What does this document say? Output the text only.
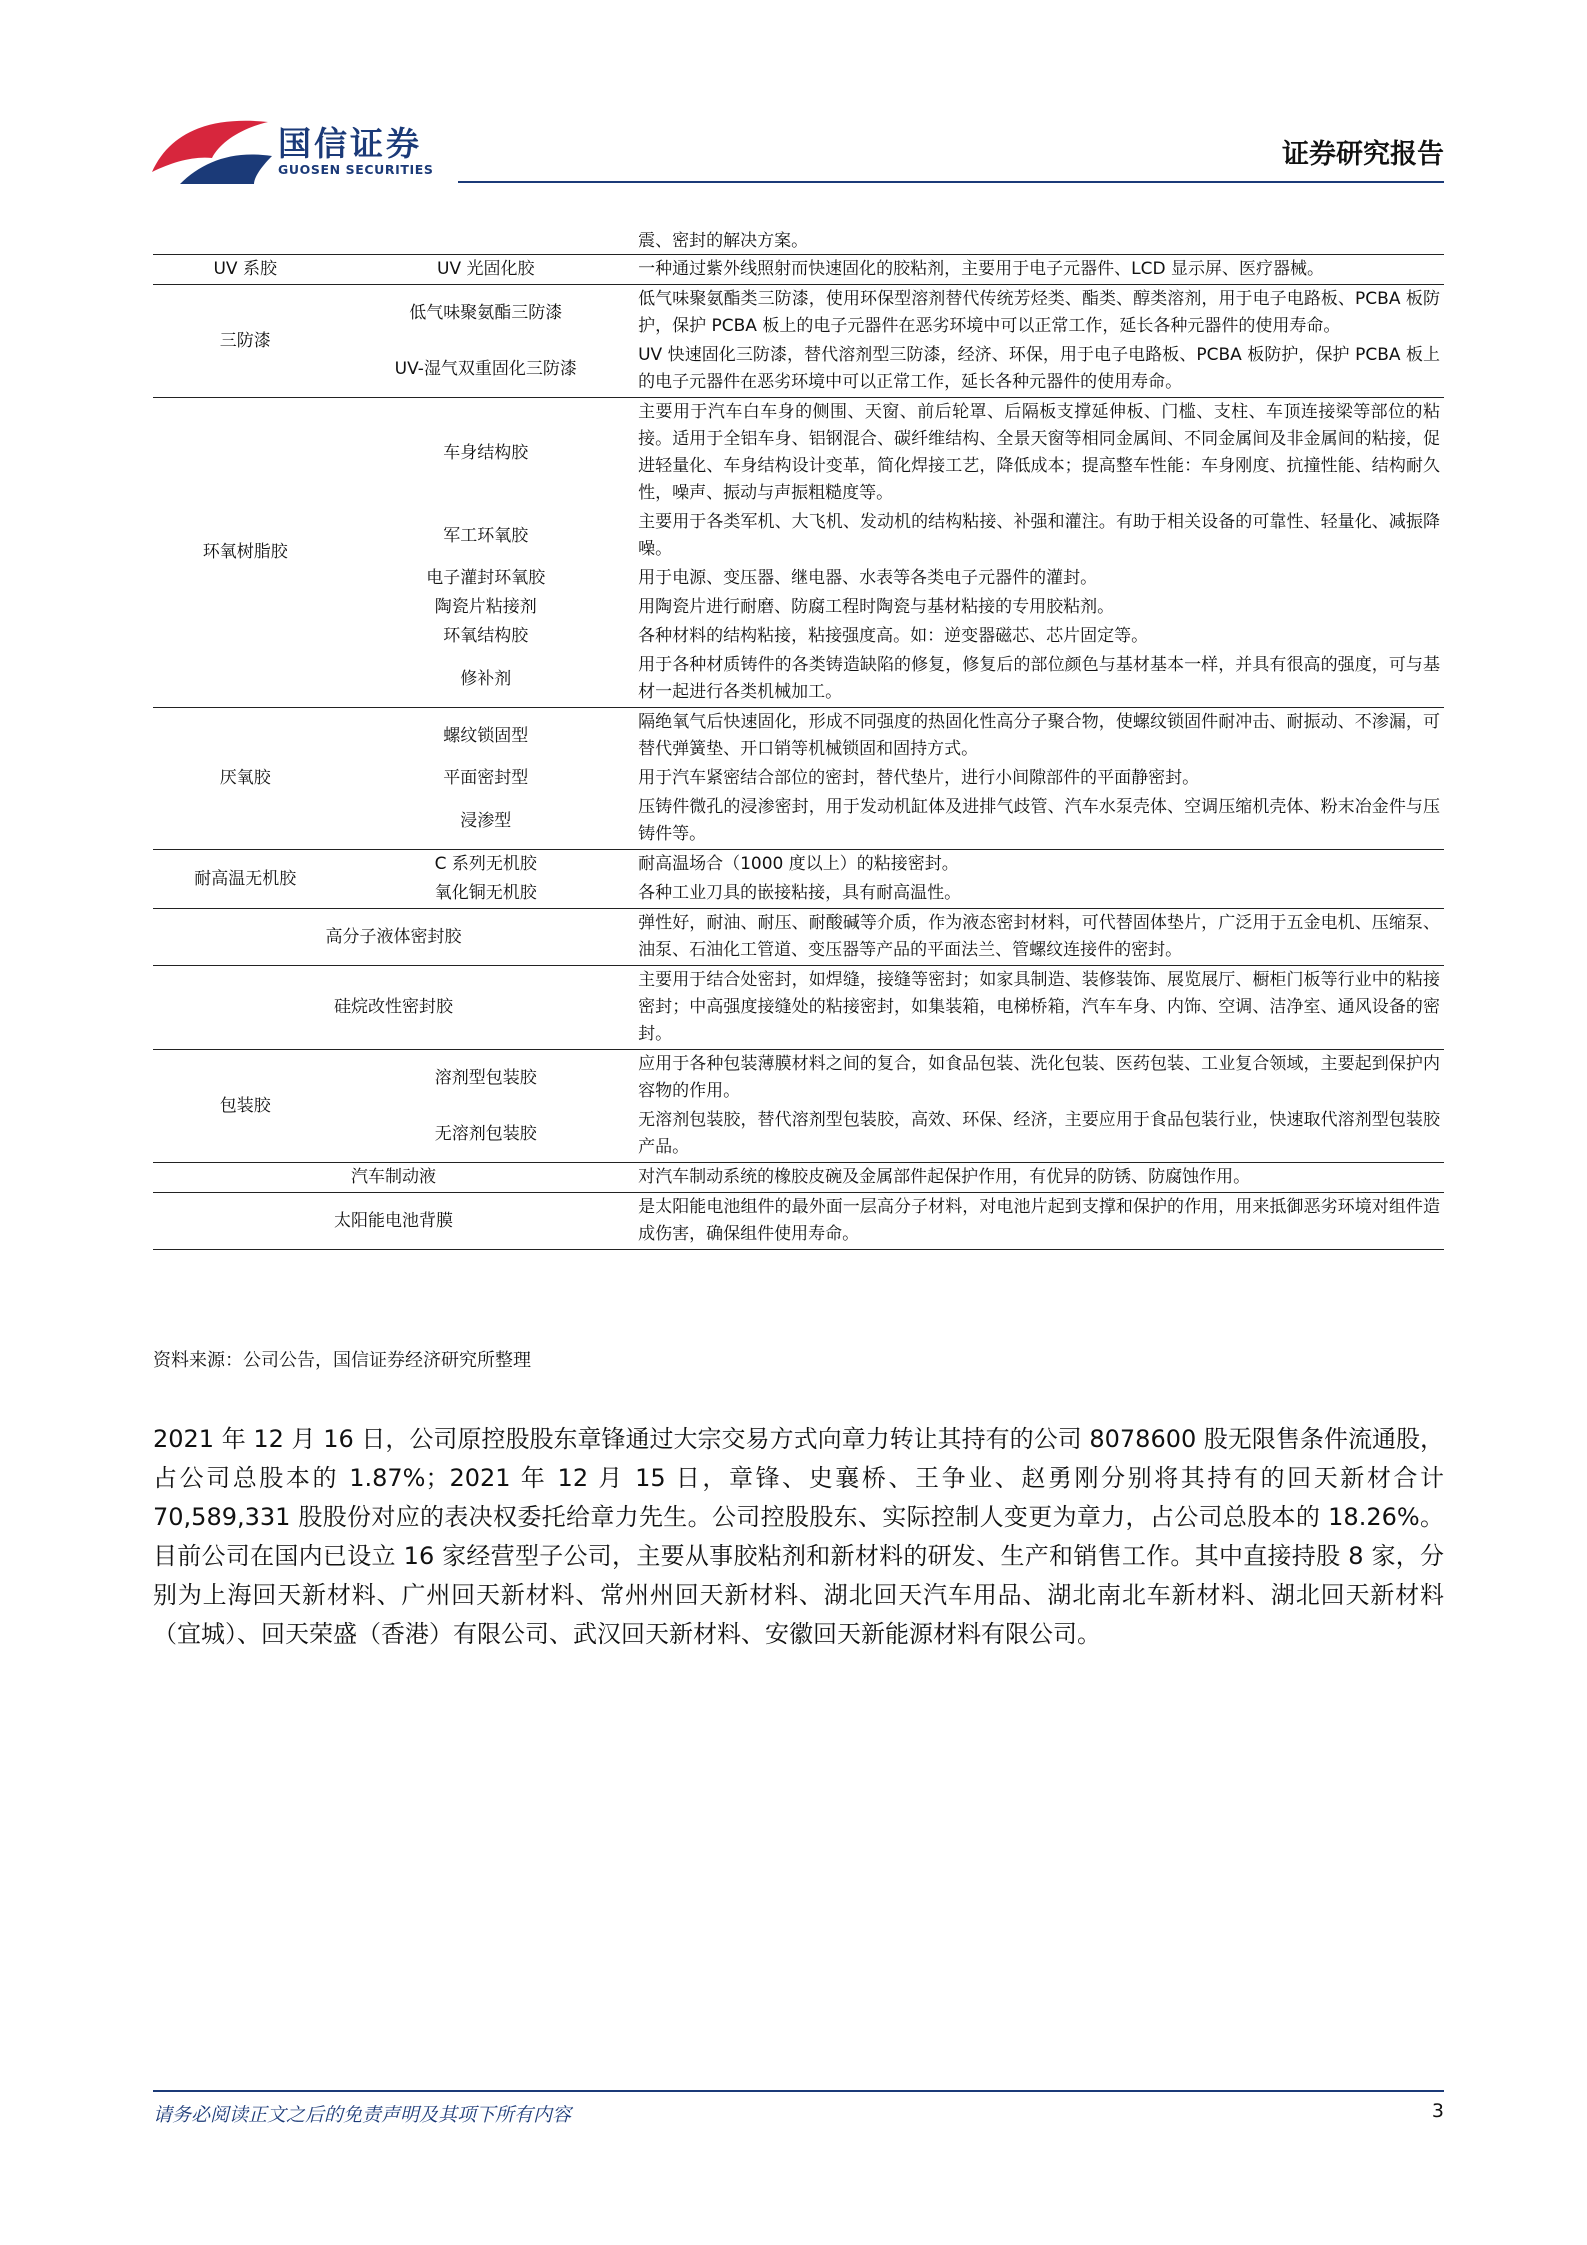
国信证券
GUOSEN SECURITIES	证券研究报告
		震、密封的解决方案。
UV 系胶	UV 光固化胶	一种通过紫外线照射而快速固化的胶粘剂，主要用于电子元器件、LCD 显示屏、医疗器械。
三防漆	低气味聚氨酯三防漆	低气味聚氨酯类三防漆，使用环保型溶剂替代传统芳烃类、酯类、醇类溶剂，用于电子电路板、PCBA 板防护，保护 PCBA 板上的电子元器件在恶劣环境中可以正常工作，延长各种元器件的使用寿命。
	UV-湿气双重固化三防漆	UV 快速固化三防漆，替代溶剂型三防漆，经济、环保，用于电子电路板、PCBA 板防护，保护 PCBA 板上的电子元器件在恶劣环境中可以正常工作，延长各种元器件的使用寿命。
环氧树脂胶	车身结构胶	主要用于汽车白车身的侧围、天窗、前后轮罩、后隔板支撑延伸板、门槛、支柱、车顶连接梁等部位的粘接。适用于全铝车身、铝钢混合、碳纤维结构、全景天窗等相同金属间、不同金属间及非金属间的粘接，促进轻量化、车身结构设计变革，简化焊接工艺，降低成本；提高整车性能：车身刚度、抗撞性能、结构耐久性，噪声、振动与声振粗糙度等。
	军工环氧胶	主要用于各类军机、大飞机、发动机的结构粘接、补强和灌注。有助于相关设备的可靠性、轻量化、减振降噪。
	电子灌封环氧胶	用于电源、变压器、继电器、水表等各类电子元器件的灌封。
	陶瓷片粘接剂	用陶瓷片进行耐磨、防腐工程时陶瓷与基材粘接的专用胶粘剂。
	环氧结构胶	各种材料的结构粘接，粘接强度高。如：逆变器磁芯、芯片固定等。
	修补剂	用于各种材质铸件的各类铸造缺陷的修复，修复后的部位颜色与基材基本一样，并具有很高的强度，可与基材一起进行各类机械加工。
厌氧胶	螺纹锁固型	隔绝氧气后快速固化，形成不同强度的热固化性高分子聚合物，使螺纹锁固件耐冲击、耐振动、不渗漏，可替代弹簧垫、开口销等机械锁固和固持方式。
	平面密封型	用于汽车紧密结合部位的密封，替代垫片，进行小间隙部件的平面静密封。
	浸渗型	压铸件微孔的浸渗密封，用于发动机缸体及进排气歧管、汽车水泵壳体、空调压缩机壳体、粉末冶金件与压铸件等。
耐高温无机胶	C 系列无机胶	耐高温场合（1000 度以上）的粘接密封。
	氧化铜无机胶	各种工业刀具的嵌接粘接，具有耐高温性。
高分子液体密封胶		弹性好，耐油、耐压、耐酸碱等介质，作为液态密封材料，可代替固体垫片，广泛用于五金电机、压缩泵、油泵、石油化工管道、变压器等产品的平面法兰、管螺纹连接件的密封。
硅烷改性密封胶		主要用于结合处密封，如焊缝，接缝等密封；如家具制造、装修装饰、展览展厅、橱柜门板等行业中的粘接密封；中高强度接缝处的粘接密封，如集装箱，电梯桥箱，汽车车身、内饰、空调、洁净室、通风设备的密封。
包装胶	溶剂型包装胶	应用于各种包装薄膜材料之间的复合，如食品包装、洗化包装、医药包装、工业复合领域，主要起到保护内容物的作用。
	无溶剂包装胶	无溶剂包装胶，替代溶剂型包装胶，高效、环保、经济，主要应用于食品包装行业，快速取代溶剂型包装胶产品。
汽车制动液		对汽车制动系统的橡胶皮碗及金属部件起保护作用，有优异的防锈、防腐蚀作用。
太阳能电池背膜		是太阳能电池组件的最外面一层高分子材料，对电池片起到支撑和保护的作用，用来抵御恶劣环境对组件造成伤害，确保组件使用寿命。
资料来源：公司公告，国信证券经济研究所整理
2021 年 12 月 16 日，公司原控股股东章锋通过大宗交易方式向章力转让其持有的公司 8078600 股无限售条件流通股，占公司总股本的 1.87%；2021 年 12 月 15 日，章锋、史襄桥、王争业、赵勇刚分别将其持有的回天新材合计 70,589,331 股股份对应的表决权委托给章力先生。公司控股股东、实际控制人变更为章力，占公司总股本的 18.26%。目前公司在国内已设立 16 家经营型子公司，主要从事胶粘剂和新材料的研发、生产和销售工作。其中直接持股 8 家，分别为上海回天新材料、广州回天新材料、常州州回天新材料、湖北回天汽车用品、湖北南北车新材料、湖北回天新材料（宜城）、回天荣盛（香港）有限公司、武汉回天新材料、安徽回天新能源材料有限公司。
请务必阅读正文之后的免责声明及其项下所有内容	3
